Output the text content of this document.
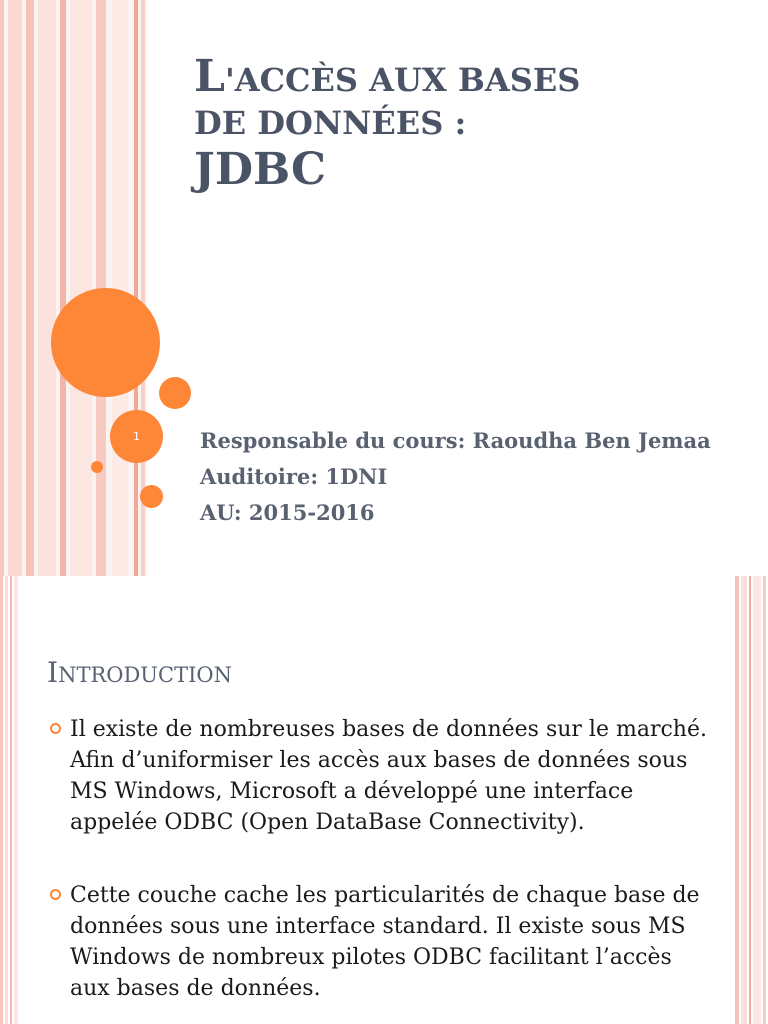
1
L'ACCÈS AUX BASES
DE DONNÉES :
JDBC
Responsable du cours: Raoudha Ben Jemaa
Auditoire: 1DNI
AU: 2015-2016
INTRODUCTION
Il existe de nombreuses bases de données sur le marché. Afin d’uniformiser les accès aux bases de données sous MS Windows, Microsoft a développé une interface appelée ODBC (Open DataBase Connectivity).
Cette couche cache les particularités de chaque base de données sous une interface standard. Il existe sous MS Windows de nombreux pilotes ODBC facilitant l’accès aux bases de données.
